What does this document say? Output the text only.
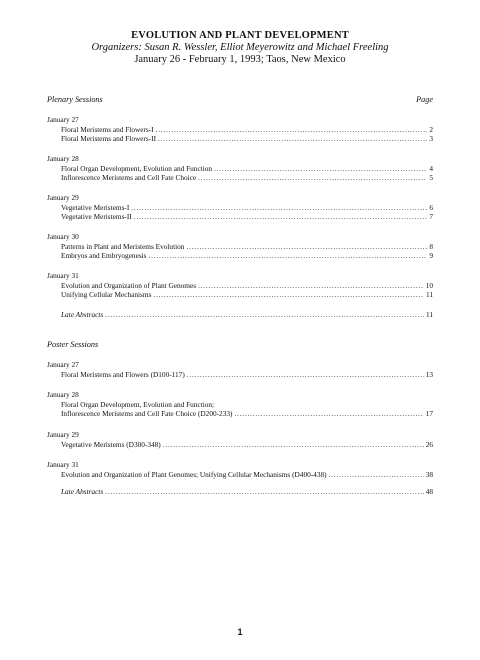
EVOLUTION AND PLANT DEVELOPMENT
Organizers: Susan R. Wessler, Elliot Meyerowitz and Michael Freeling
January 26 - February 1, 1993; Taos, New Mexico
Plenary Sessions	Page
January 27
Floral Meristems and Flowers-I .....	2
Floral Meristems and Flowers-II .....	3
January 28
Floral Organ Development, Evolution and Function .....	4
Inflorescence Meristems and Cell Fate Choice .....	5
January 29
Vegetative Meristems-I .....	6
Vegetative Meristems-II .....	7
January 30
Patterns in Plant and Meristems Evolution .....	8
Embryos and Embryogenesis .....	9
January 31
Evolution and Organization of Plant Genomes .....	10
Unifying Cellular Mechanisms .....	11
Late Abstracts .....	11
Poster Sessions
January 27
Floral Meristems and Flowers (D100-117) .....	13
January 28
Floral Organ Development, Evolution and Function;
Inflorescence Meristems and Cell Fate Choice (D200-233) .....	17
January 29
Vegetative Meristems (D300-348) .....	26
January 31
Evolution and Organization of Plant Genomes; Unifying Cellular Mechanisms (D400-438) .....	38
Late Abstracts .....	48
1
